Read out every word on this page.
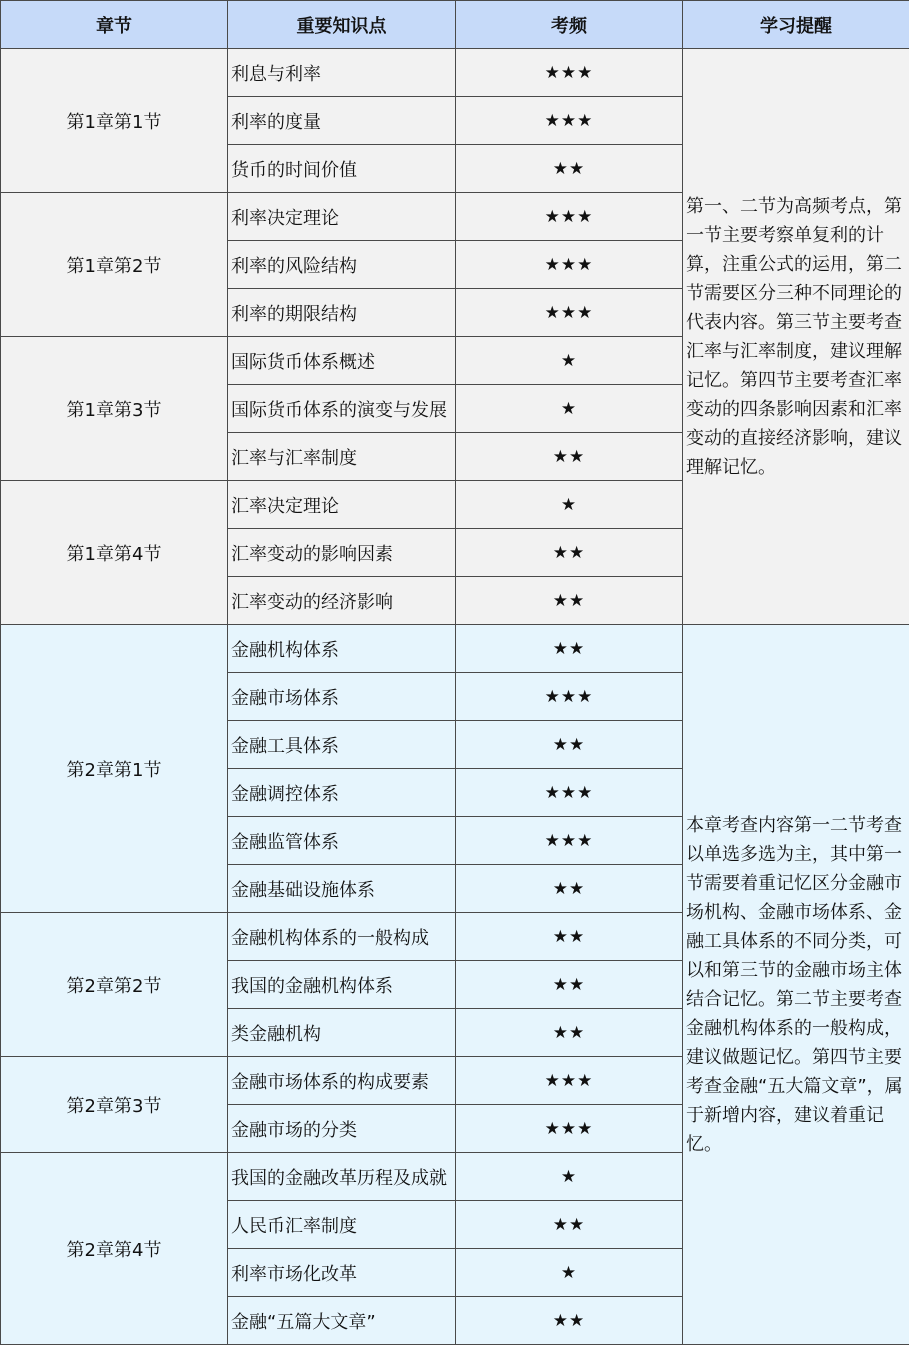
章节	重要知识点	考频	学习提醒
第1章第1节	利息与利率	★★★	第一、二节为高频考点，第一节主要考察单复利的计算，注重公式的运用，第二节需要区分三种不同理论的代表内容。第三节主要考查汇率与汇率制度，建议理解记忆。第四节主要考查汇率变动的四条影响因素和汇率变动的直接经济影响，建议理解记忆。
	利率的度量	★★★	
	货币的时间价值	★★	
第1章第2节	利率决定理论	★★★	
	利率的风险结构	★★★	
	利率的期限结构	★★★	
第1章第3节	国际货币体系概述	★	
	国际货币体系的演变与发展	★	
	汇率与汇率制度	★★	
第1章第4节	汇率决定理论	★	
	汇率变动的影响因素	★★	
	汇率变动的经济影响	★★	
第2章第1节	金融机构体系	★★	本章考查内容第一二节考查以单选多选为主，其中第一节需要着重记忆区分金融市场机构、金融市场体系、金融工具体系的不同分类，可以和第三节的金融市场主体结合记忆。第二节主要考查金融机构体系的一般构成，建议做题记忆。第四节主要考查金融“五大篇文章”，属于新增内容，建议着重记忆。
	金融市场体系	★★★	
	金融工具体系	★★	
	金融调控体系	★★★	
	金融监管体系	★★★	
	金融基础设施体系	★★	
第2章第2节	金融机构体系的一般构成	★★	
	我国的金融机构体系	★★	
	类金融机构	★★	
第2章第3节	金融市场体系的构成要素	★★★	
	金融市场的分类	★★★	
第2章第4节	我国的金融改革历程及成就	★	
	人民币汇率制度	★★	
	利率市场化改革	★	
	金融“五篇大文章”	★★	
